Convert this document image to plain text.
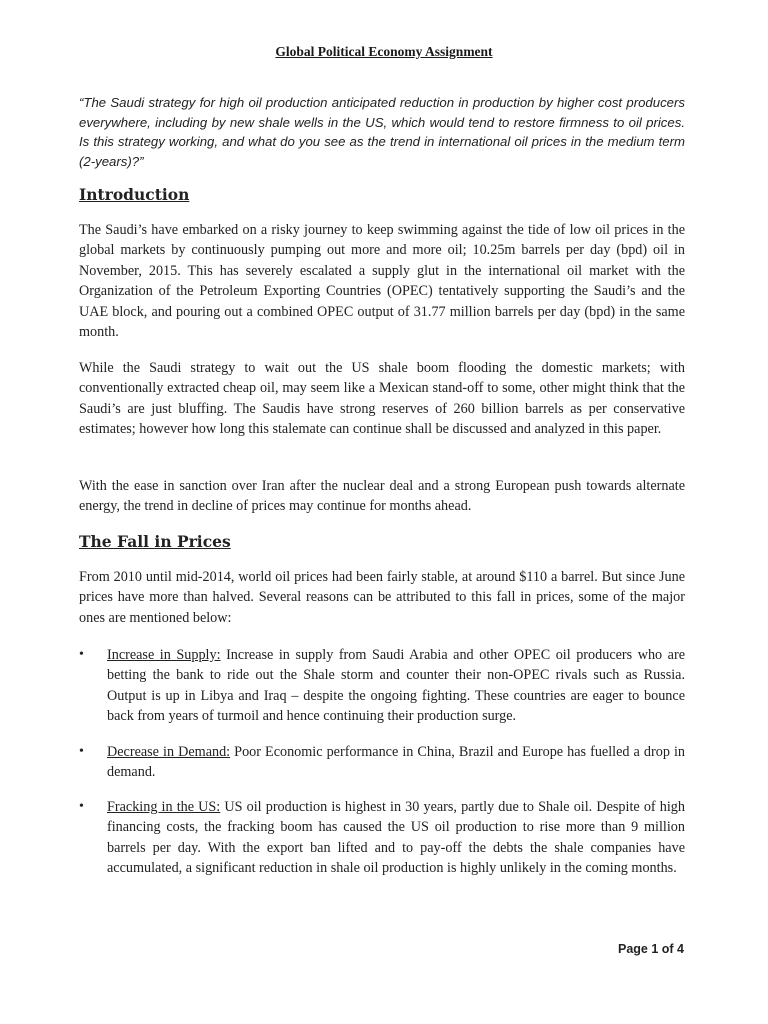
Global Political Economy Assignment

“The Saudi strategy for high oil production anticipated reduction in production by higher cost producers everywhere, including by new shale wells in the US, which would tend to restore firmness to oil prices. Is this strategy working, and what do you see as the trend in international oil prices in the medium term (2-years)?”

Introduction

The Saudi’s have embarked on a risky journey to keep swimming against the tide of low oil prices in the global markets by continuously pumping out more and more oil; 10.25m barrels per day (bpd) oil in November, 2015. This has severely escalated a supply glut in the international oil market with the Organization of the Petroleum Exporting Countries (OPEC) tentatively supporting the Saudi’s and the UAE block, and pouring out a combined OPEC output of 31.77 million barrels per day (bpd) in the same month.

While the Saudi strategy to wait out the US shale boom flooding the domestic markets; with conventionally extracted cheap oil, may seem like a Mexican stand-off to some, other might think that the Saudi’s are just bluffing. The Saudis have strong reserves of 260 billion barrels as per conservative estimates; however how long this stalemate can continue shall be discussed and analyzed in this paper.

With the ease in sanction over Iran after the nuclear deal and a strong European push towards alternate energy, the trend in decline of prices may continue for months ahead.

The Fall in Prices

From 2010 until mid-2014, world oil prices had been fairly stable, at around $110 a barrel. But since June prices have more than halved. Several reasons can be attributed to this fall in prices, some of the major ones are mentioned below:

•	Increase in Supply: Increase in supply from Saudi Arabia and other OPEC oil producers who are betting the bank to ride out the Shale storm and counter their non-OPEC rivals such as Russia. Output is up in Libya and Iraq – despite the ongoing fighting. These countries are eager to bounce back from years of turmoil and hence continuing their production surge.
•	Decrease in Demand: Poor Economic performance in China, Brazil and Europe has fuelled a drop in demand.
•	Fracking in the US: US oil production is highest in 30 years, partly due to Shale oil. Despite of high financing costs, the fracking boom has caused the US oil production to rise more than 9 million barrels per day. With the export ban lifted and to pay-off the debts the shale companies have accumulated, a significant reduction in shale oil production is highly unlikely in the coming months.
Page 1 of 4
